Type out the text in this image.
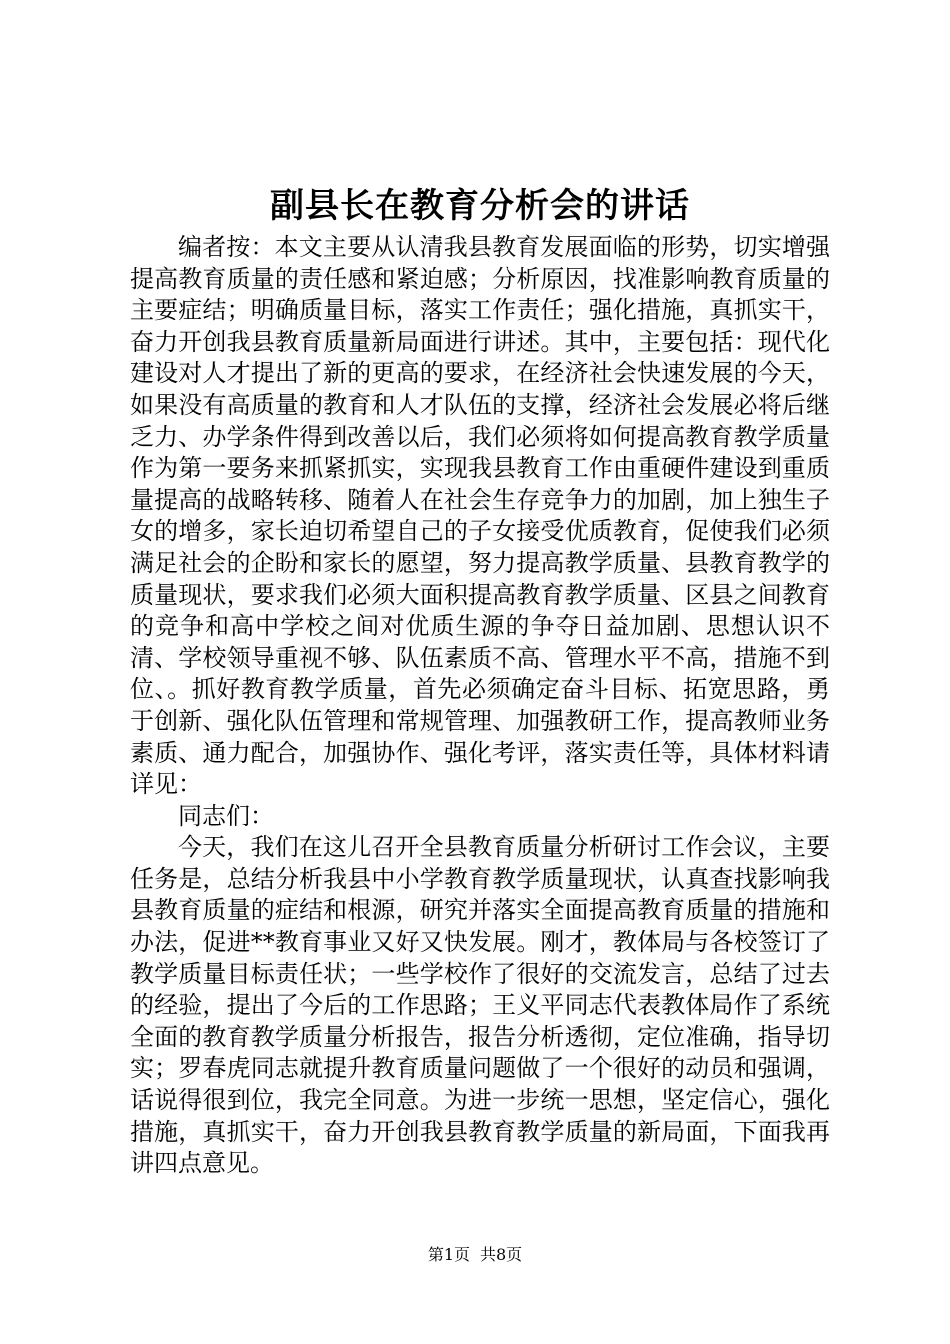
副县长在教育分析会的讲话

编者按：本文主要从认清我县教育发展面临的形势，切实增强提高教育质量的责任感和紧迫感；分析原因，找准影响教育质量的主要症结；明确质量目标，落实工作责任；强化措施，真抓实干，奋力开创我县教育质量新局面进行讲述。其中，主要包括：现代化建设对人才提出了新的更高的要求，在经济社会快速发展的今天，如果没有高质量的教育和人才队伍的支撑，经济社会发展必将后继乏力、办学条件得到改善以后，我们必须将如何提高教育教学质量作为第一要务来抓紧抓实，实现我县教育工作由重硬件建设到重质量提高的战略转移、随着人在社会生存竞争力的加剧，加上独生子女的增多，家长迫切希望自己的子女接受优质教育，促使我们必须满足社会的企盼和家长的愿望，努力提高教学质量、县教育教学的质量现状，要求我们必须大面积提高教育教学质量、区县之间教育的竞争和高中学校之间对优质生源的争夺日益加剧、思想认识不清、学校领导重视不够、队伍素质不高、管理水平不高，措施不到位、。抓好教育教学质量，首先必须确定奋斗目标、拓宽思路，勇于创新、强化队伍管理和常规管理、加强教研工作，提高教师业务素质、通力配合，加强协作、强化考评，落实责任等，具体材料请详见：

同志们：

今天，我们在这儿召开全县教育质量分析研讨工作会议，主要任务是，总结分析我县中小学教育教学质量现状，认真查找影响我县教育质量的症结和根源，研究并落实全面提高教育质量的措施和办法，促进**教育事业又好又快发展。刚才，教体局与各校签订了教学质量目标责任状；一些学校作了很好的交流发言，总结了过去的经验，提出了今后的工作思路；王义平同志代表教体局作了系统全面的教育教学质量分析报告，报告分析透彻，定位准确，指导切实；罗春虎同志就提升教育质量问题做了一个很好的动员和强调，话说得很到位，我完全同意。为进一步统一思想，坚定信心，强化措施，真抓实干，奋力开创我县教育教学质量的新局面，下面我再讲四点意见。

第1页 共8页
